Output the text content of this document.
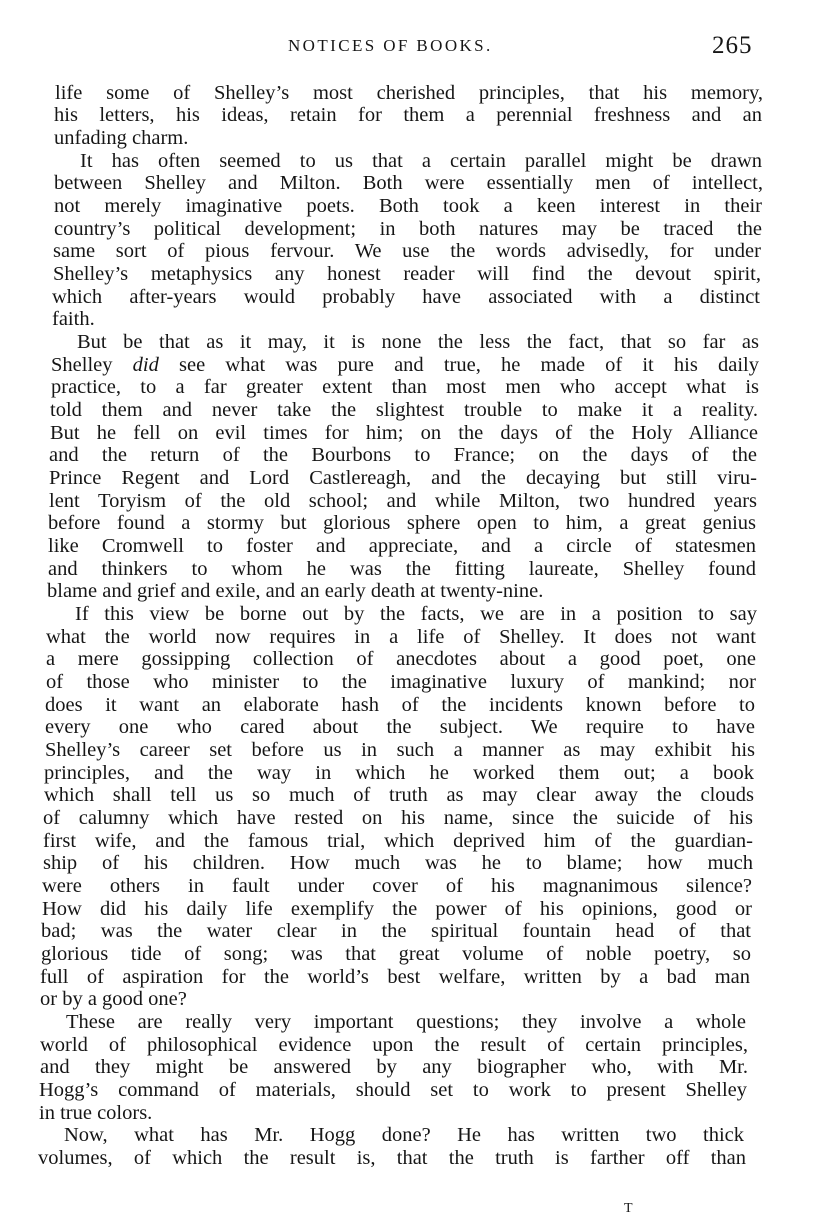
NOTICES OF BOOKS.	265
life some of Shelley’s most cherished principles, that his memory,
his letters, his ideas, retain for them a perennial freshness and an
unfading charm.
It has often seemed to us that a certain parallel might be drawn
between Shelley and Milton. Both were essentially men of intellect,
not merely imaginative poets. Both took a keen interest in their
country’s political development; in both natures may be traced the
same sort of pious fervour. We use the words advisedly, for under
Shelley’s metaphysics any honest reader will find the devout spirit,
which after-years would probably have associated with a distinct
faith.
But be that as it may, it is none the less the fact, that so far as
Shelley did see what was pure and true, he made of it his daily
practice, to a far greater extent than most men who accept what is
told them and never take the slightest trouble to make it a reality.
But he fell on evil times for him; on the days of the Holy Alliance
and the return of the Bourbons to France; on the days of the
Prince Regent and Lord Castlereagh, and the decaying but still viru-
lent Toryism of the old school; and while Milton, two hundred years
before found a stormy but glorious sphere open to him, a great genius
like Cromwell to foster and appreciate, and a circle of statesmen
and thinkers to whom he was the fitting laureate, Shelley found
blame and grief and exile, and an early death at twenty-nine.
If this view be borne out by the facts, we are in a position to say
what the world now requires in a life of Shelley. It does not want
a mere gossipping collection of anecdotes about a good poet, one
of those who minister to the imaginative luxury of mankind; nor
does it want an elaborate hash of the incidents known before to
every one who cared about the subject. We require to have
Shelley’s career set before us in such a manner as may exhibit his
principles, and the way in which he worked them out; a book
which shall tell us so much of truth as may clear away the clouds
of calumny which have rested on his name, since the suicide of his
first wife, and the famous trial, which deprived him of the guardian-
ship of his children. How much was he to blame; how much
were others in fault under cover of his magnanimous silence?
How did his daily life exemplify the power of his opinions, good or
bad; was the water clear in the spiritual fountain head of that
glorious tide of song; was that great volume of noble poetry, so
full of aspiration for the world’s best welfare, written by a bad man
or by a good one?
These are really very important questions; they involve a whole
world of philosophical evidence upon the result of certain principles,
and they might be answered by any biographer who, with Mr.
Hogg’s command of materials, should set to work to present Shelley
in true colors.
Now, what has Mr. Hogg done? He has written two thick
volumes, of which the result is, that the truth is farther off than
T
